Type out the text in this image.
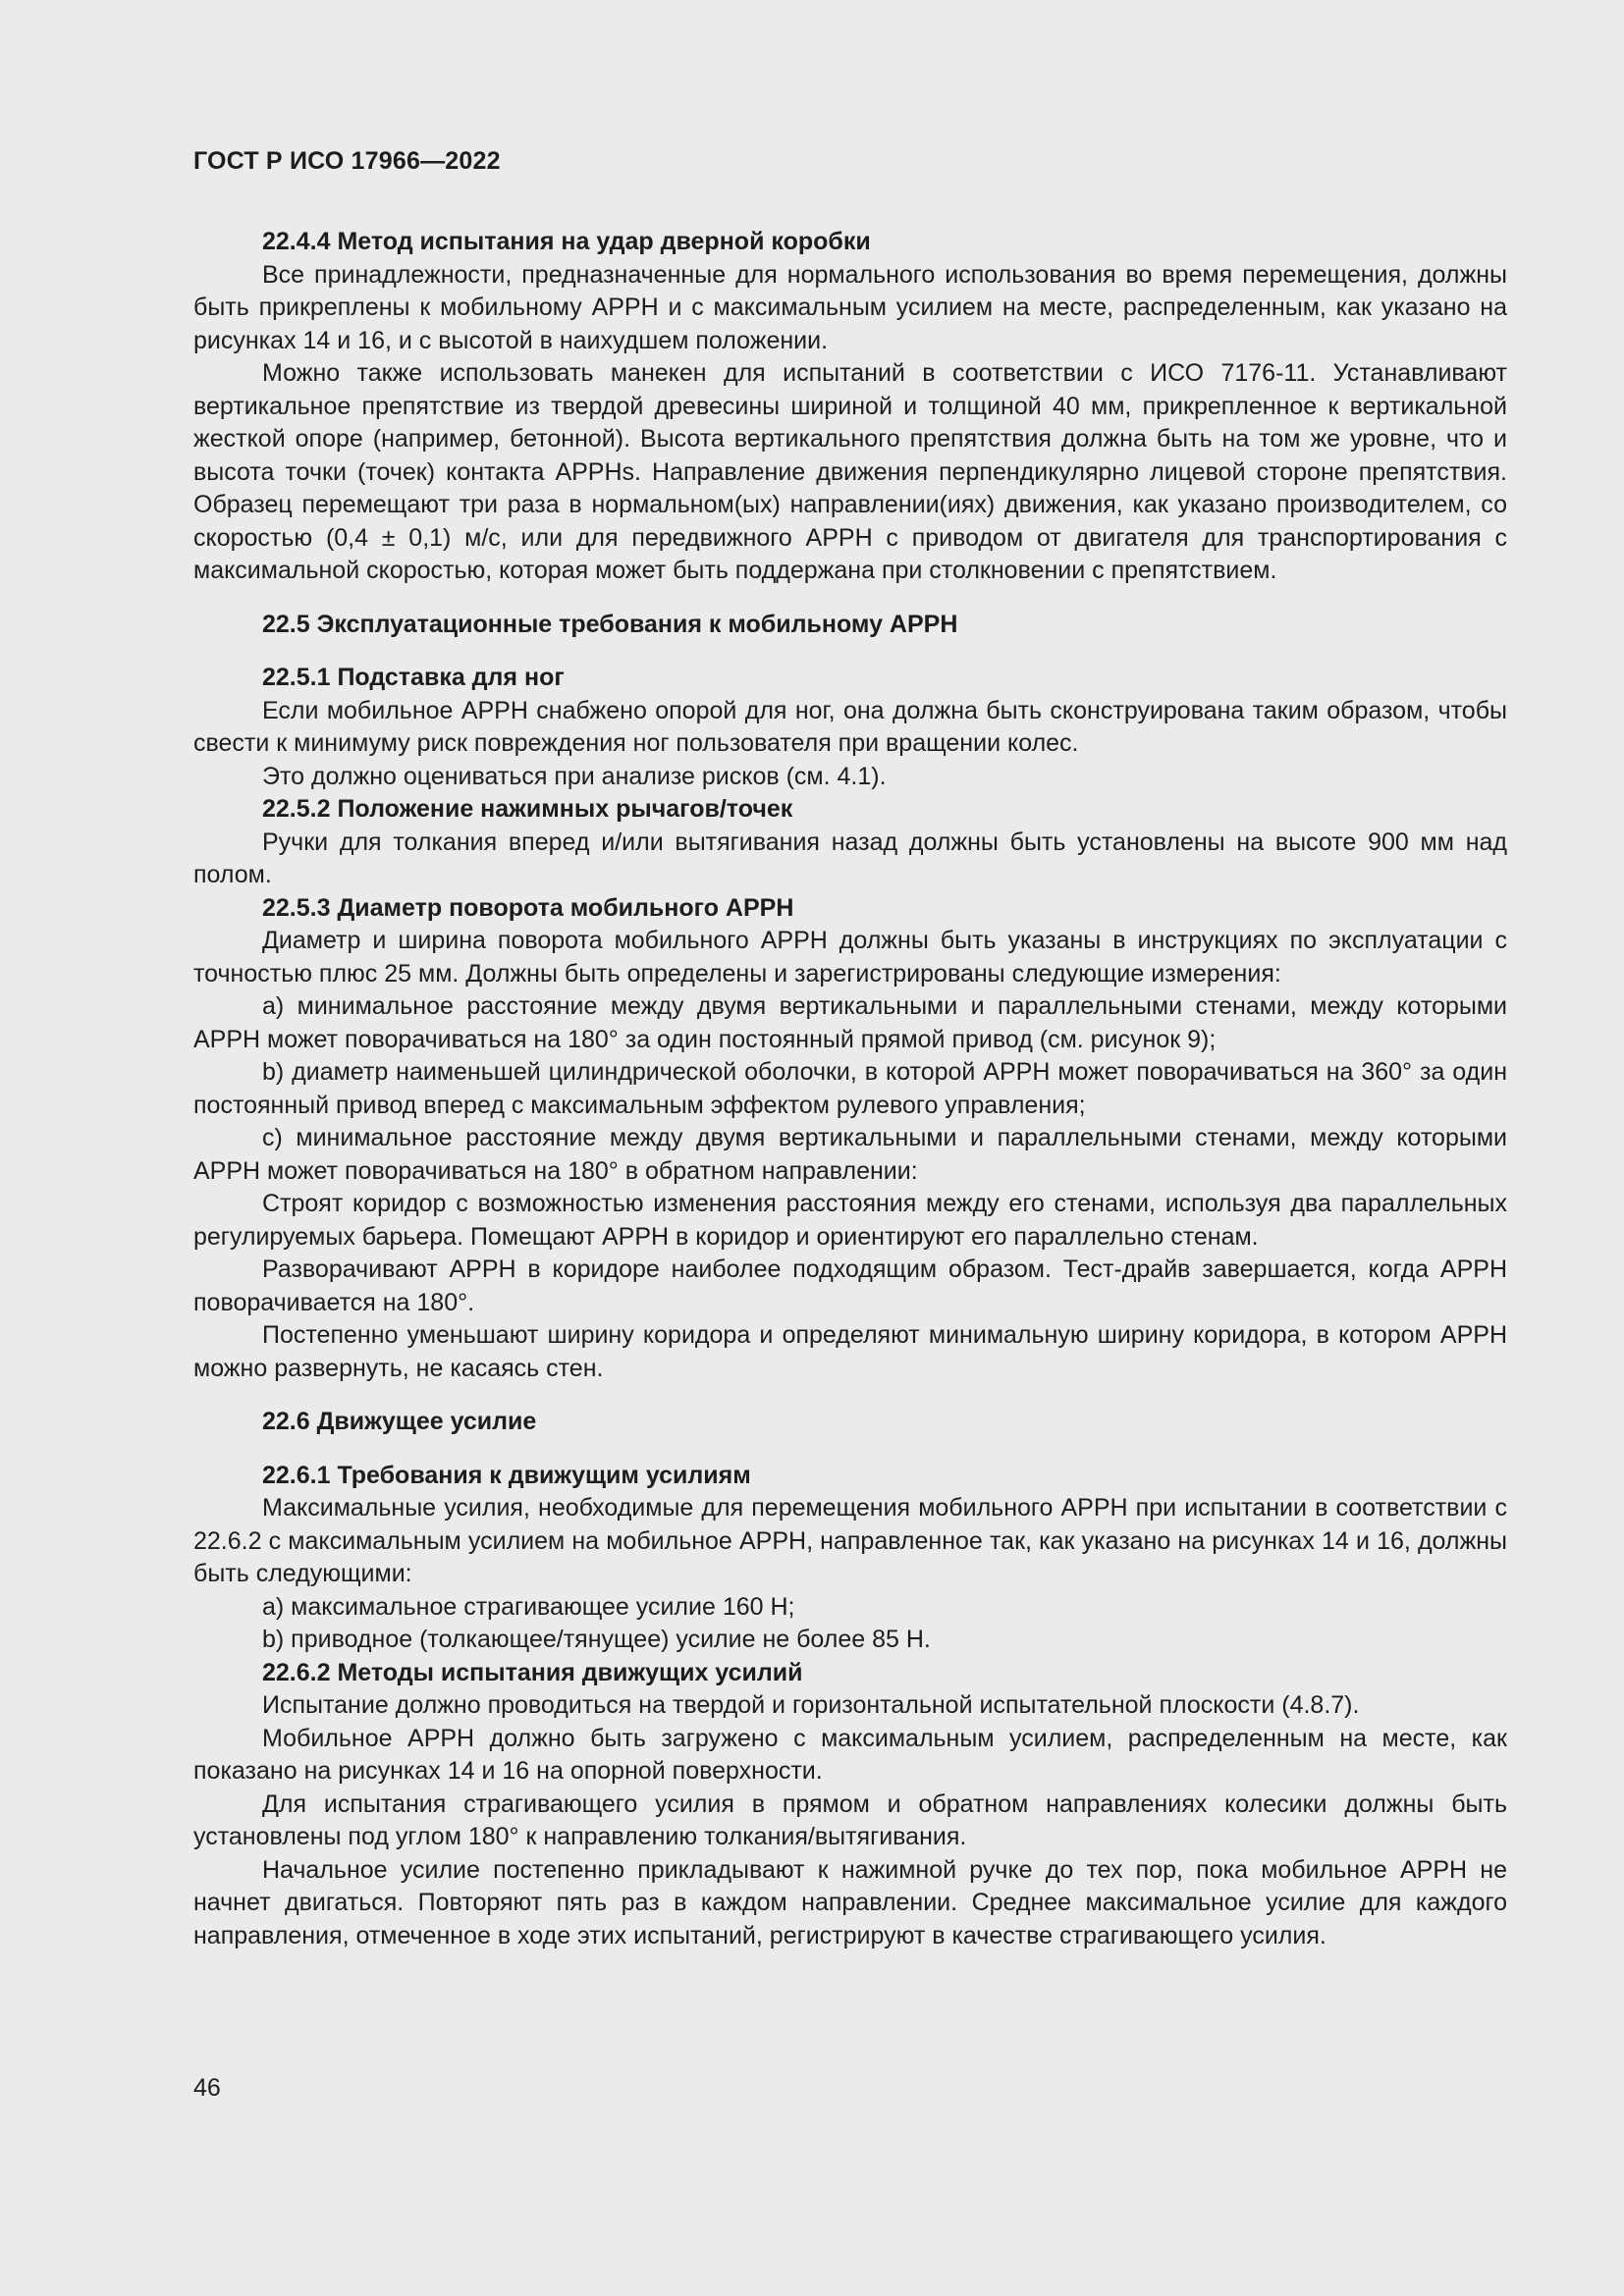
ГОСТ Р ИСО 17966—2022

22.4.4 Метод испытания на удар дверной коробки

Все принадлежности, предназначенные для нормального использования во время перемещения, должны быть прикреплены к мобильному АРРН и с максимальным усилием на месте, распределенным, как указано на рисунках 14 и 16, и с высотой в наихудшем положении.

Можно также использовать манекен для испытаний в соответствии с ИСО 7176-11. Устанавливают вертикальное препятствие из твердой древесины шириной и толщиной 40 мм, прикрепленное к вертикальной жесткой опоре (например, бетонной). Высота вертикального препятствия должна быть на том же уровне, что и высота точки (точек) контакта АРРНs. Направление движения перпендикулярно лицевой стороне препятствия. Образец перемещают три раза в нормальном(ых) направлении(иях) движения, как указано производителем, со скоростью (0,4 ± 0,1) м/с, или для передвижного АРРН с приводом от двигателя для транспортирования с максимальной скоростью, которая может быть поддержана при столкновении с препятствием.

22.5 Эксплуатационные требования к мобильному АРРН

22.5.1 Подставка для ног

Если мобильное АРРН снабжено опорой для ног, она должна быть сконструирована таким образом, чтобы свести к минимуму риск повреждения ног пользователя при вращении колес.

Это должно оцениваться при анализе рисков (см. 4.1).

22.5.2 Положение нажимных рычагов/точек

Ручки для толкания вперед и/или вытягивания назад должны быть установлены на высоте 900 мм над полом.

22.5.3 Диаметр поворота мобильного АРРН

Диаметр и ширина поворота мобильного АРРН должны быть указаны в инструкциях по эксплуатации с точностью плюс 25 мм. Должны быть определены и зарегистрированы следующие измерения:

a) минимальное расстояние между двумя вертикальными и параллельными стенами, между которыми АРРН может поворачиваться на 180° за один постоянный прямой привод (см. рисунок 9);

b) диаметр наименьшей цилиндрической оболочки, в которой АРРН может поворачиваться на 360° за один постоянный привод вперед с максимальным эффектом рулевого управления;

c) минимальное расстояние между двумя вертикальными и параллельными стенами, между которыми АРРН может поворачиваться на 180° в обратном направлении:

Строят коридор с возможностью изменения расстояния между его стенами, используя два параллельных регулируемых барьера. Помещают АРРН в коридор и ориентируют его параллельно стенам.

Разворачивают АРРН в коридоре наиболее подходящим образом. Тест-драйв завершается, когда АРРН поворачивается на 180°.

Постепенно уменьшают ширину коридора и определяют минимальную ширину коридора, в котором АРРН можно развернуть, не касаясь стен.

22.6 Движущее усилие

22.6.1 Требования к движущим усилиям

Максимальные усилия, необходимые для перемещения мобильного АРРН при испытании в соответствии с 22.6.2 с максимальным усилием на мобильное АРРН, направленное так, как указано на рисунках 14 и 16, должны быть следующими:

a) максимальное страгивающее усилие 160 Н;

b) приводное (толкающее/тянущее) усилие не более 85 Н.

22.6.2 Методы испытания движущих усилий

Испытание должно проводиться на твердой и горизонтальной испытательной плоскости (4.8.7).

Мобильное АРРН должно быть загружено с максимальным усилием, распределенным на месте, как показано на рисунках 14 и 16 на опорной поверхности.

Для испытания страгивающего усилия в прямом и обратном направлениях колесики должны быть установлены под углом 180° к направлению толкания/вытягивания.

Начальное усилие постепенно прикладывают к нажимной ручке до тех пор, пока мобильное АРРН не начнет двигаться. Повторяют пять раз в каждом направлении. Среднее максимальное усилие для каждого направления, отмеченное в ходе этих испытаний, регистрируют в качестве страгивающего усилия.

46
